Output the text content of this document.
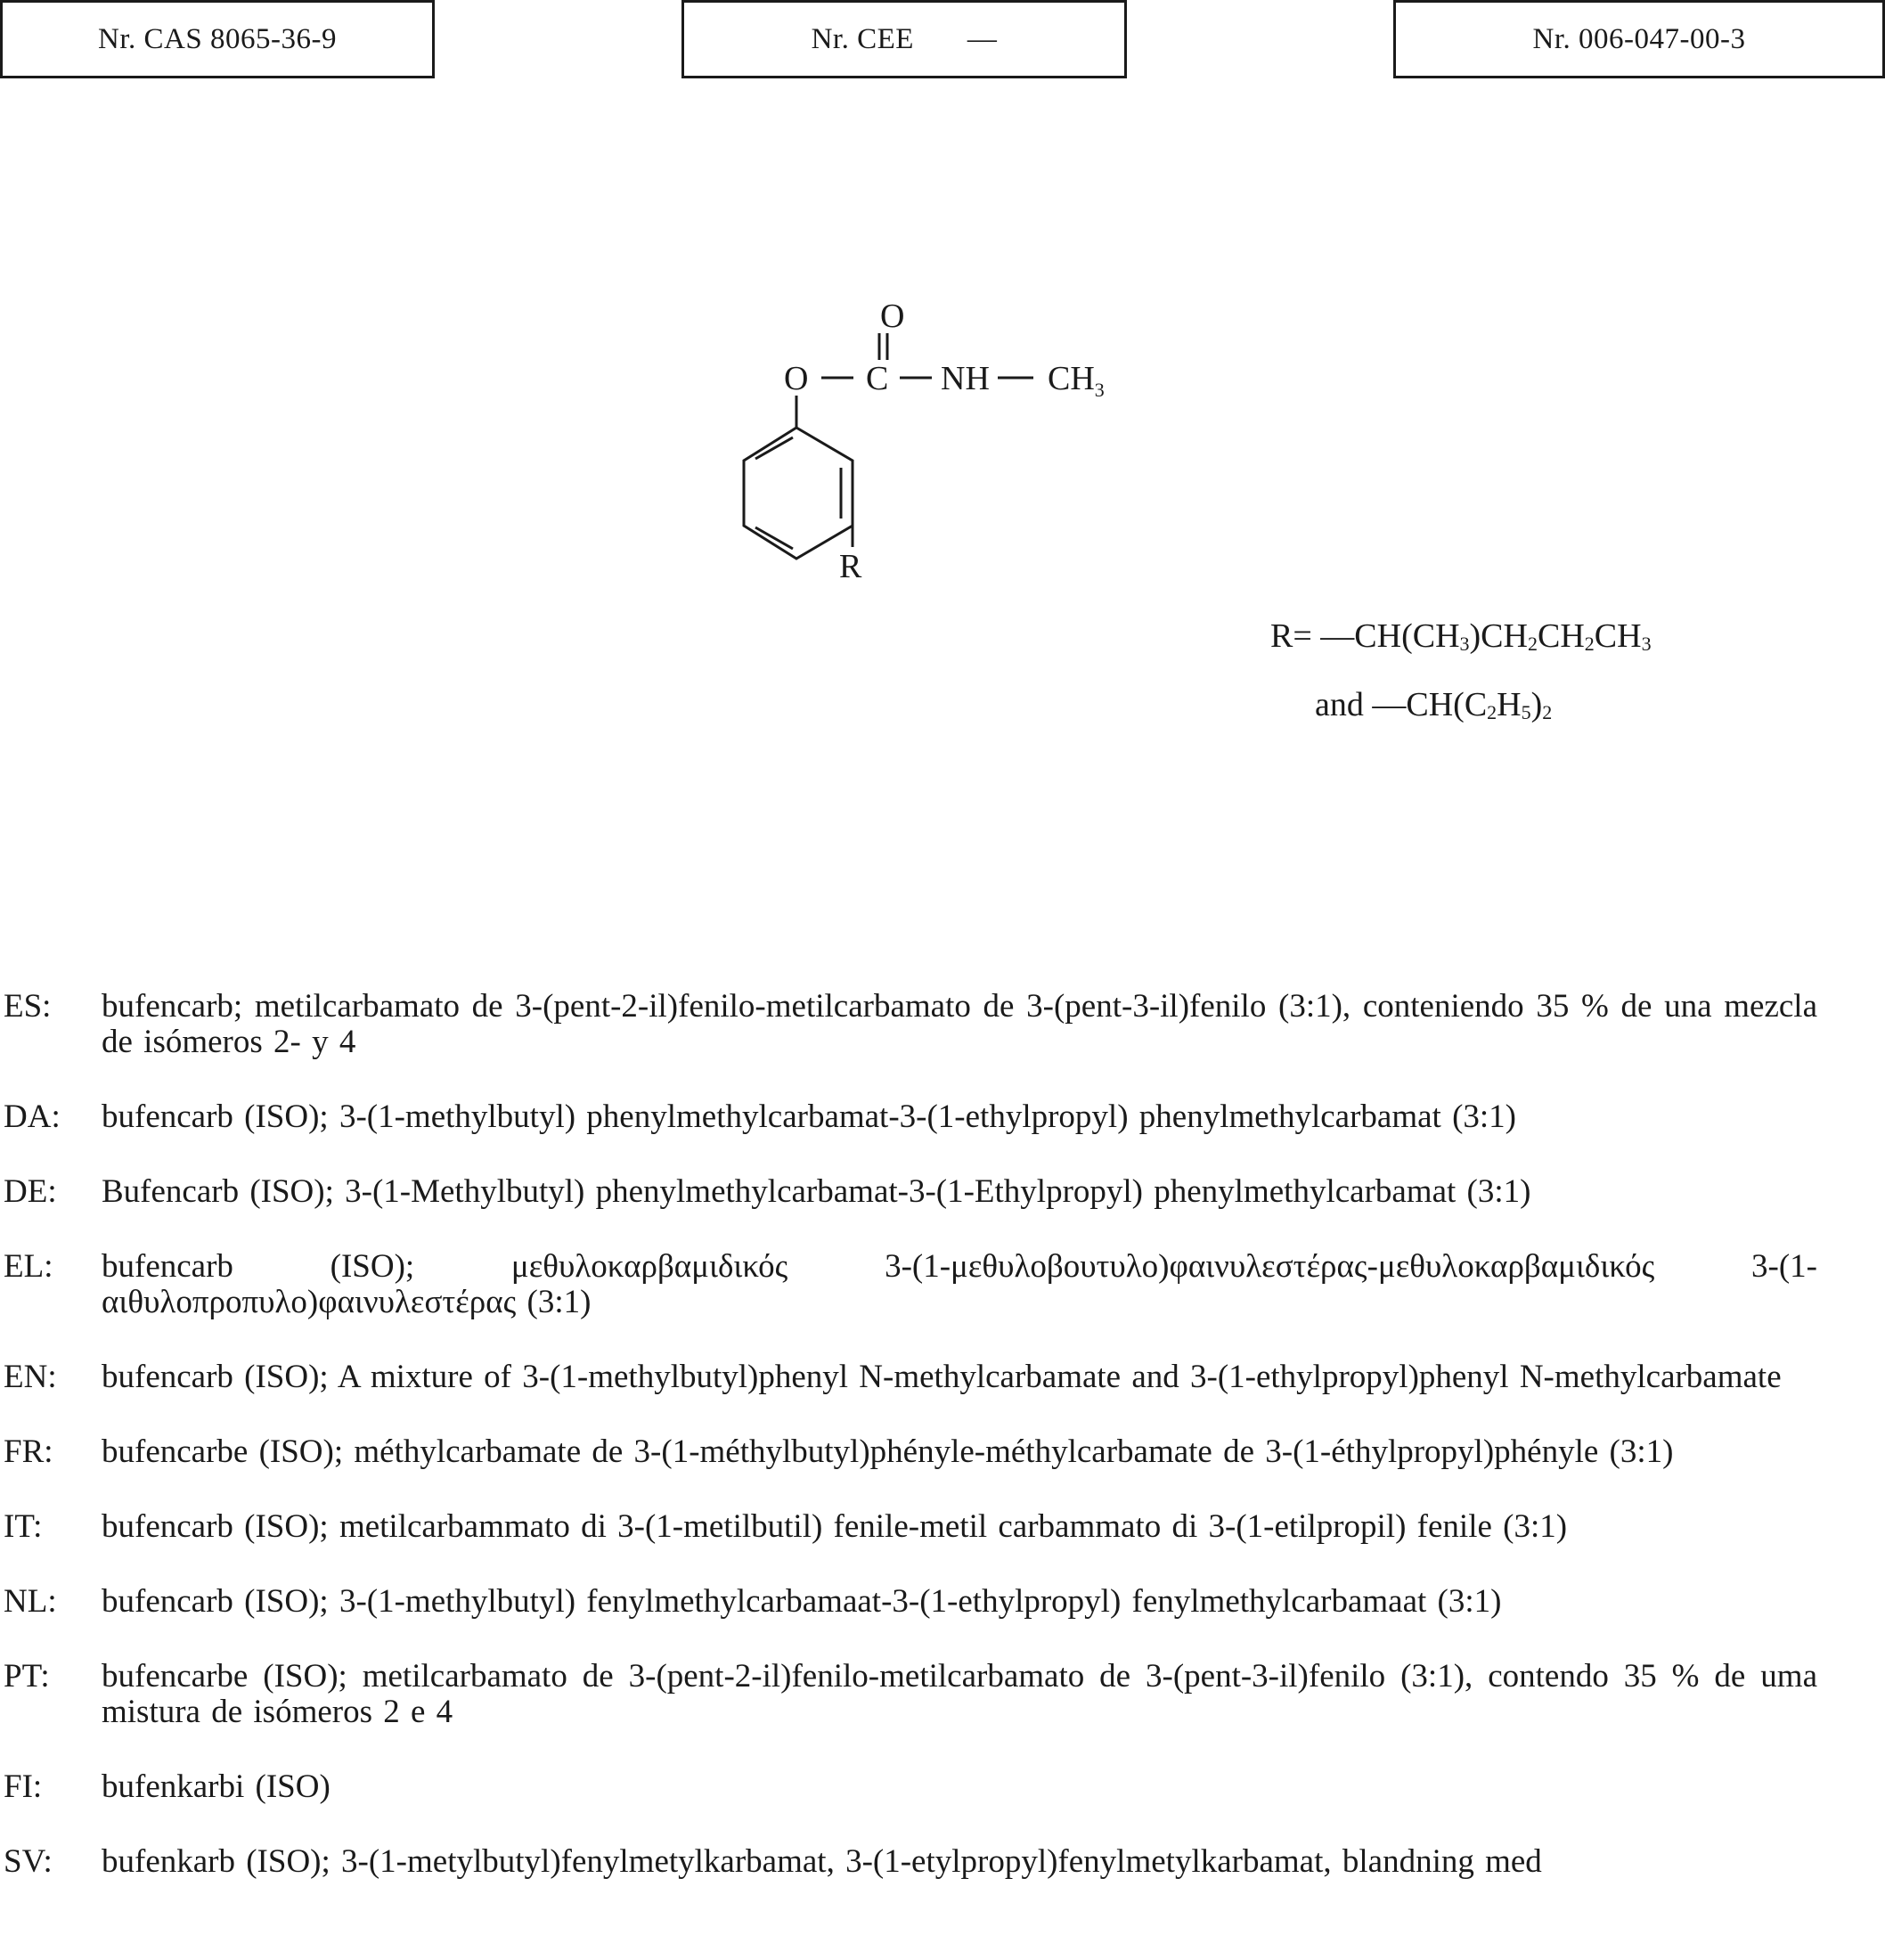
Nr. CAS 8065-36-9	Nr. CEE —	Nr. 006-047-00-3
O
O C NH $CH_3$
R
$R= —CH(CH_3)CH_2CH_2CH_3$
and $—CH(C_2H_5)_2$
ES:	bufencarb; metilcarbamato de 3-(pent-2-il)fenilo-metilcarbamato de 3-(pent-3-il)fenilo (3:1), conteniendo 35 % de una mezcla de isómeros 2- y 4
DA:	bufencarb (ISO); 3-(1-methylbutyl) phenylmethylcarbamat-3-(1-ethylpropyl) phenylmethylcarbamat (3:1)
DE:	Bufencarb (ISO); 3-(1-Methylbutyl) phenylmethylcarbamat-3-(1-Ethylpropyl) phenylmethylcarbamat (3:1)
EL:	bufencarb (ISO); μεθυλοκαρβαμιδικός 3-(1-μεθυλοβουτυλο)φαινυλεστέρας-μεθυλοκαρβαμιδικός 3-(1-αιθυλοπροπυλο)φαινυλεστέρας (3:1)
EN:	bufencarb (ISO); A mixture of 3-(1-methylbutyl)phenyl N-methylcarbamate and 3-(1-ethylpropyl)phenyl N-methylcarbamate
FR:	bufencarbe (ISO); méthylcarbamate de 3-(1-méthylbutyl)phényle-méthylcarbamate de 3-(1-éthylpropyl)phényle (3:1)
IT:	bufencarb (ISO); metilcarbammato di 3-(1-metilbutil) fenile-metil carbammato di 3-(1-etilpropil) fenile (3:1)
NL:	bufencarb (ISO); 3-(1-methylbutyl) fenylmethylcarbamaat-3-(1-ethylpropyl) fenylmethylcarbamaat (3:1)
PT:	bufencarbe (ISO); metilcarbamato de 3-(pent-2-il)fenilo-metilcarbamato de 3-(pent-3-il)fenilo (3:1), contendo 35 % de uma mistura de isómeros 2 e 4
FI:	bufenkarbi (ISO)
SV:	bufenkarb (ISO); 3-(1-metylbutyl)fenylmetylkarbamat, 3-(1-etylpropyl)fenylmetylkarbamat, blandning med
